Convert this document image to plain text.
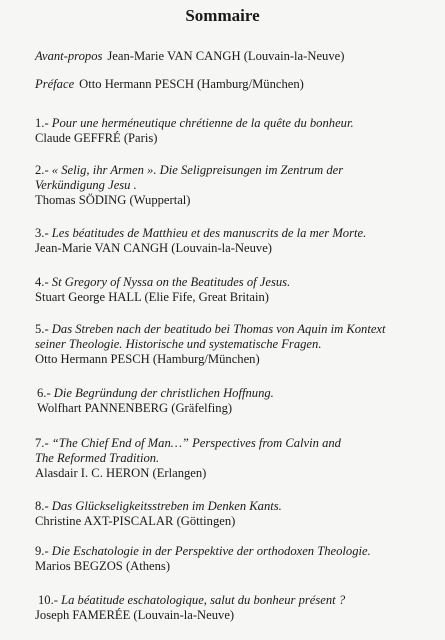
Sommaire
Avant-propos Jean-Marie VAN CANGH (Louvain-la-Neuve)
Préface Otto Hermann PESCH (Hamburg/München)
1.- Pour une herméneutique chrétienne de la quête du bonheur.
Claude GEFFRÉ (Paris)
2.- « Selig, ihr Armen ». Die Seligpreisungen im Zentrum der
Verkündigung Jesu .
Thomas SÖDING (Wuppertal)
3.- Les béatitudes de Matthieu et des manuscrits de la mer Morte.
Jean-Marie VAN CANGH (Louvain-la-Neuve)
4.- St Gregory of Nyssa on the Beatitudes of Jesus.
Stuart George HALL (Elie Fife, Great Britain)
5.- Das Streben nach der beatitudo bei Thomas von Aquin im Kontext
seiner Theologie. Historische und systematische Fragen.
Otto Hermann PESCH (Hamburg/München)
6.- Die Begründung der christlichen Hoffnung.
Wolfhart PANNENBERG (Gräfelfing)
7.- “The Chief End of Man…” Perspectives from Calvin and
The Reformed Tradition.
Alasdair I. C. HERON (Erlangen)
8.- Das Glückseligkeitsstreben im Denken Kants.
Christine AXT-PISCALAR (Göttingen)
9.- Die Eschatologie in der Perspektive der orthodoxen Theologie.
Marios BEGZOS (Athens)
10.- La béatitude eschatologique, salut du bonheur présent ?
Joseph FAMERÉE (Louvain-la-Neuve)
